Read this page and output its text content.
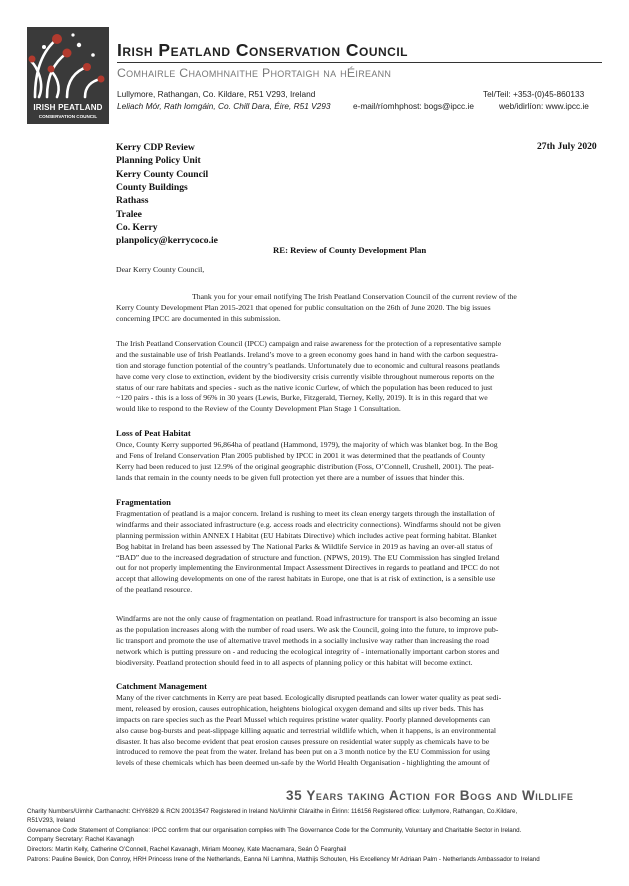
IRISH PEATLAND
CONSERVATION COUNCIL
Irish Peatland Conservation Council
Comhairle Chaomhnaithe Phortaigh na hÉireann
Lullymore, Rathangan, Co. Kildare, R51 V293, Ireland
Leliach Mór, Rath Iomgáin, Co. Chill Dara, Éire, R51 V293
Tel/Teil: +353-(0)45-860133
e-mail/ríomhphost: bogs@ipcc.ie	web/idirlíon: www.ipcc.ie
Kerry CDP Review
Planning Policy Unit
Kerry County Council
County Buildings
Rathass
Tralee
Co. Kerry
planpolicy@kerrycoco.ie
27th July 2020
RE: Review of County Development Plan
Dear Kerry County Council,
Thank you for your email notifying The Irish Peatland Conservation Council of the current review of the
Kerry County Development Plan 2015-2021 that opened for public consultation on the 26th of June 2020. The big issues
concerning IPCC are documented in this submission.
The Irish Peatland Conservation Council (IPCC) campaign and raise awareness for the protection of a representative sample
and the sustainable use of Irish Peatlands. Ireland’s move to a green economy goes hand in hand with the carbon sequestra-
tion and storage function potential of the country’s peatlands. Unfortunately due to economic and cultural reasons peatlands
have come very close to extinction, evident by the biodiversity crisis currently visible throughout numerous reports on the
status of our rare habitats and species - such as the native iconic Curlew, of which the population has been reduced to just
~120 pairs - this is a loss of 96% in 30 years (Lewis, Burke, Fitzgerald, Tierney, Kelly, 2019). It is in this regard that we
would like to respond to the Review of the County Development Plan Stage 1 Consultation.
Loss of Peat Habitat
Once, County Kerry supported 96,864ha of peatland (Hammond, 1979), the majority of which was blanket bog. In the Bog
and Fens of Ireland Conservation Plan 2005 published by IPCC in 2001 it was determined that the peatlands of County
Kerry had been reduced to just 12.9% of the original geographic distribution (Foss, O’Connell, Crushell, 2001). The peat-
lands that remain in the county needs to be given full protection yet there are a number of issues that hinder this.
Fragmentation
Fragmentation of peatland is a major concern. Ireland is rushing to meet its clean energy targets through the installation of
windfarms and their associated infrastructure (e.g. access roads and electricity connections). Windfarms should not be given
planning permission within ANNEX I Habitat (EU Habitats Directive) which includes active peat forming habitat. Blanket
Bog habitat in Ireland has been assessed by The National Parks & Wildlife Service in 2019 as having an over-all status of
“BAD” due to the increased degradation of structure and function. (NPWS, 2019). The EU Commission has singled Ireland
out for not properly implementing the Environmental Impact Assessment Directives in regards to peatland and IPCC do not
accept that allowing developments on one of the rarest habitats in Europe, one that is at risk of extinction, is a sensible use
of the peatland resource.
Windfarms are not the only cause of fragmentation on peatland. Road infrastructure for transport is also becoming an issue
as the population increases along with the number of road users. We ask the Council, going into the future, to improve pub-
lic transport and promote the use of alternative travel methods in a socially inclusive way rather than increasing the road
network which is putting pressure on - and reducing the ecological integrity of - internationally important carbon stores and
biodiversity. Peatland protection should feed in to all aspects of planning policy or this habitat will become extinct.
Catchment Management
Many of the river catchments in Kerry are peat based. Ecologically disrupted peatlands can lower water quality as peat sedi-
ment, released by erosion, causes eutrophication, heightens biological oxygen demand and silts up river beds. This has
impacts on rare species such as the Pearl Mussel which requires pristine water quality. Poorly planned developments can
also cause bog-bursts and peat-slippage killing aquatic and terrestrial wildlife which, when it happens, is an environmental
disaster. It has also become evident that peat erosion causes pressure on residential water supply as chemicals have to be
introduced to remove the peat from the water. Ireland has been put on a 3 month notice by the EU Commission for using
levels of these chemicals which has been deemed un-safe by the World Health Organisation - highlighting the amount of
35 Years taking Action for Bogs and Wildlife
Charity Numbers/Uimhir Carthanacht: CHY6829 & RCN 20013547 Registered in Ireland No/Uimhir Cláraithe in Éirinn: 116156 Registered office: Lullymore, Rathangan, Co.Kildare,
R51V293, Ireland
Governance Code Statement of Compliance: IPCC confirm that our organisation complies with The Governance Code for the Community, Voluntary and Charitable Sector in Ireland.
Company Secretary: Rachel Kavanagh
Directors: Martin Kelly, Catherine O’Connell, Rachel Kavanagh, Miriam Mooney, Kate Macnamara, Seán Ó Fearghail
Patrons: Pauline Bewick, Don Conroy, HRH Princess Irene of the Netherlands, Eanna Ní Lamhna, Matthijs Schouten, His Excellency Mr Adriaan Palm - Netherlands Ambassador to Ireland
